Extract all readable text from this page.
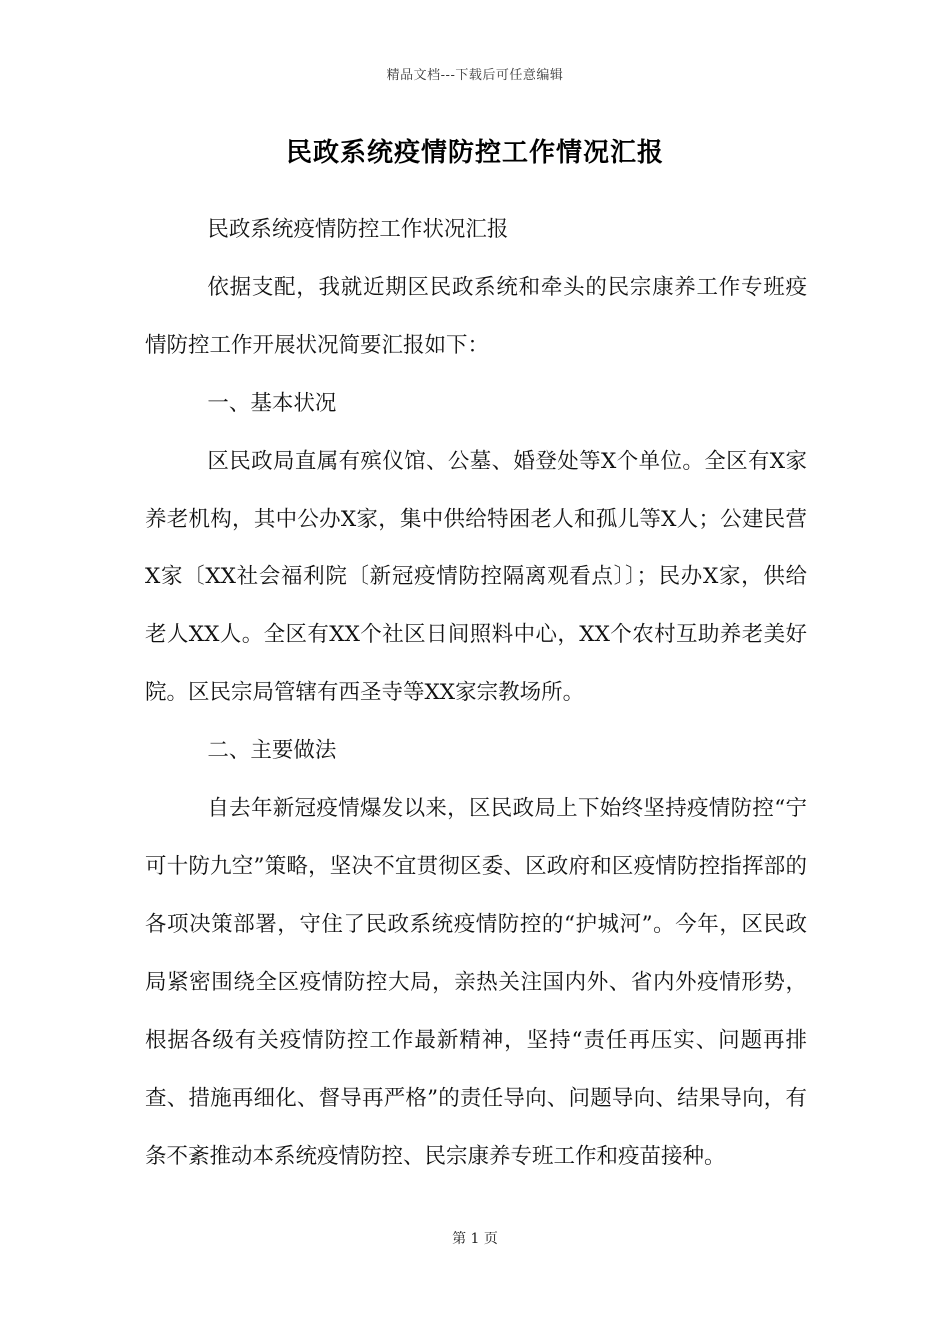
精品文档---下载后可任意编辑
民政系统疫情防控工作情况汇报

民政系统疫情防控工作状况汇报

依据支配，我就近期区民政系统和牵头的民宗康养工作专班疫情防控工作开展状况简要汇报如下：

一、基本状况

区民政局直属有殡仪馆、公墓、婚登处等X个单位。全区有X家养老机构，其中公办X家，集中供给特困老人和孤儿等X人；公建民营X家〔XX社会福利院〔新冠疫情防控隔离观看点〕〕；民办X家，供给老人XX人。全区有XX个社区日间照料中心，XX个农村互助养老美好院。区民宗局管辖有西圣寺等XX家宗教场所。

二、主要做法

自去年新冠疫情爆发以来，区民政局上下始终坚持疫情防控“宁可十防九空”策略，坚决不宜贯彻区委、区政府和区疫情防控指挥部的各项决策部署，守住了民政系统疫情防控的“护城河”。今年，区民政局紧密围绕全区疫情防控大局，亲热关注国内外、省内外疫情形势，根据各级有关疫情防控工作最新精神，坚持“责任再压实、问题再排查、措施再细化、督导再严格”的责任导向、问题导向、结果导向，有条不紊推动本系统疫情防控、民宗康养专班工作和疫苗接种。

第 1 页
